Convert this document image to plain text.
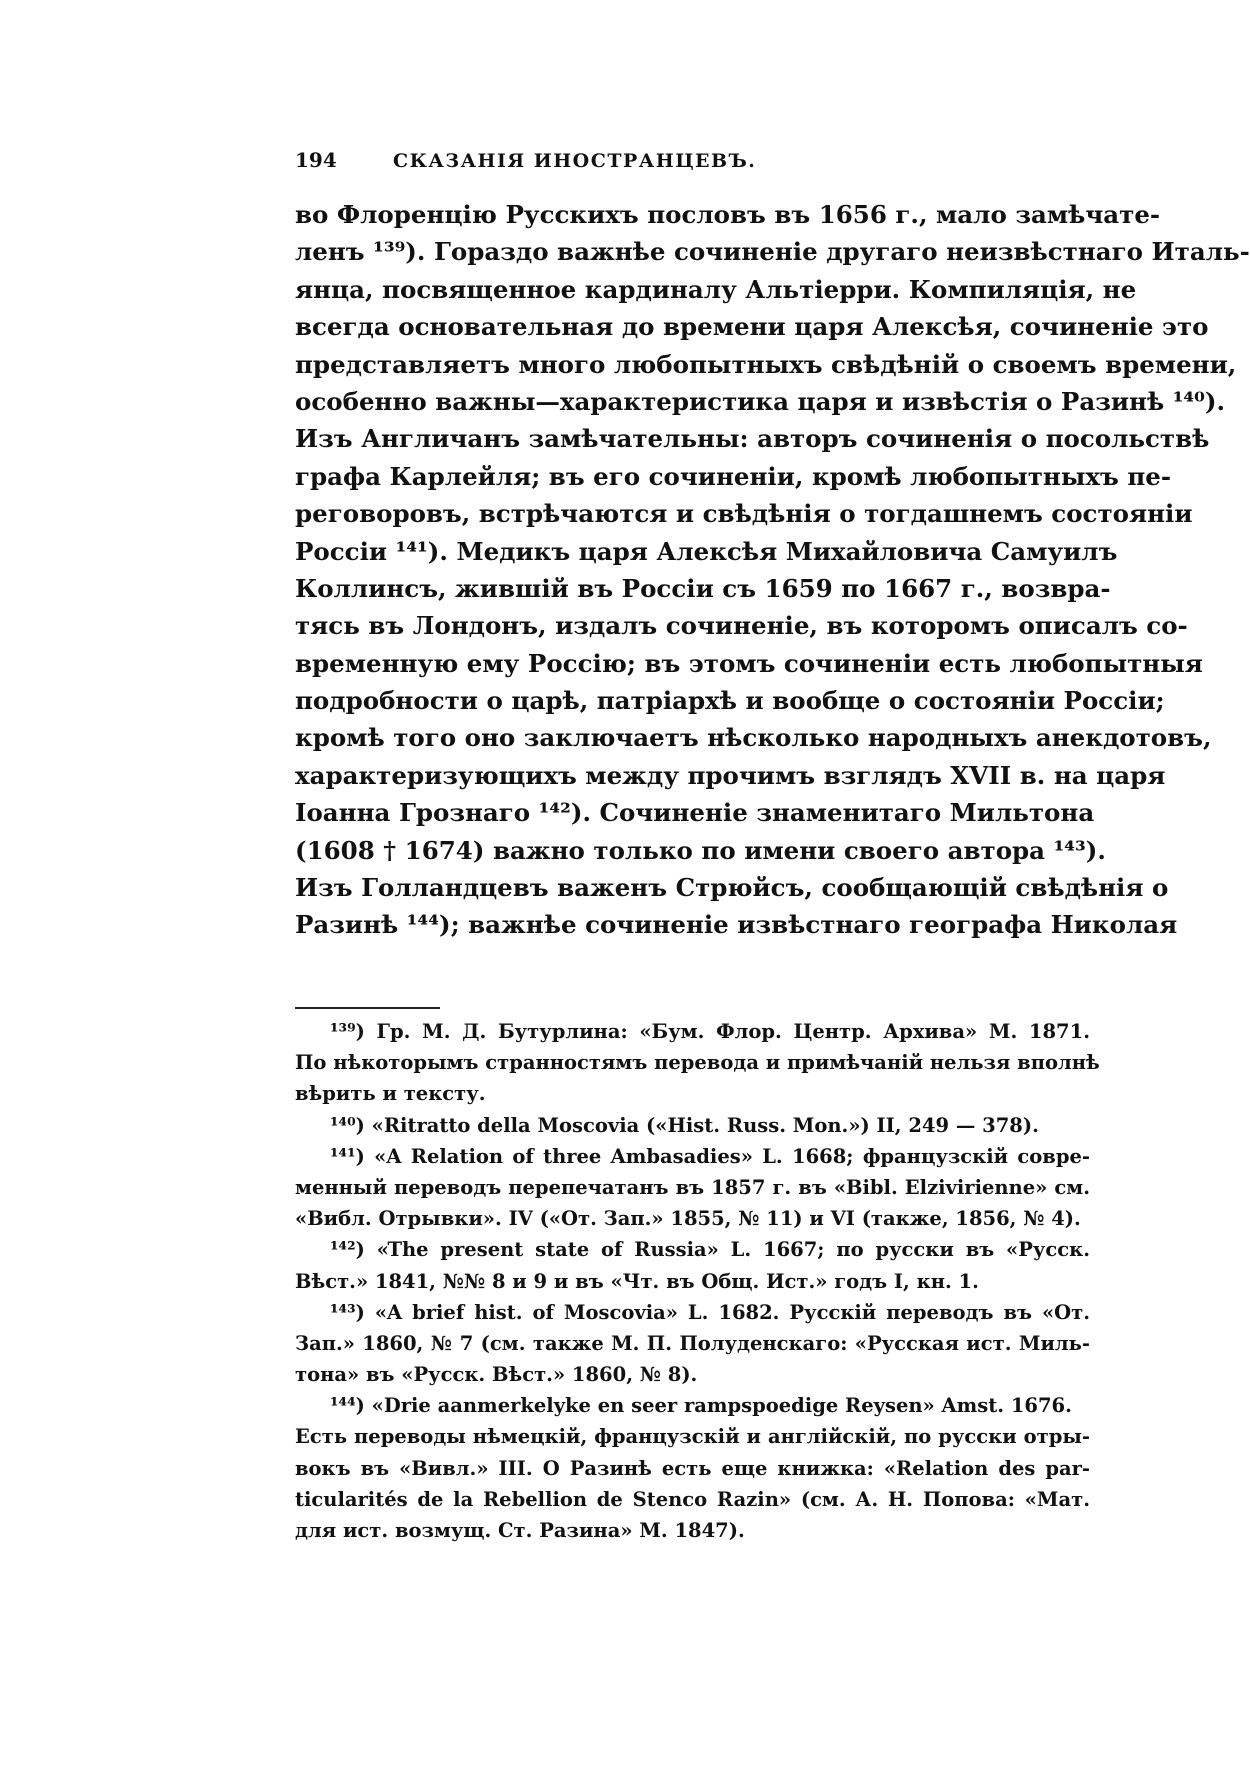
194	СКАЗАНІЯ ИНОСТРАНЦЕВЪ.
во Флоренцію Русскихъ пословъ въ 1656 г., мало замѣчате-
ленъ ¹³⁹). Гораздо важнѣе сочиненіе другаго неизвѣстнаго Италь-
янца, посвященное кардиналу Альтіерри. Компиляція, не
всегда основательная до времени царя Алексѣя, сочиненіе это
представляетъ много любопытныхъ свѣдѣній о своемъ времени,
особенно важны—характеристика царя и извѣстія о Разинѣ ¹⁴⁰).
Изъ Англичанъ замѣчательны: авторъ сочиненія о посольствѣ
графа Карлейля; въ его сочиненіи, кромѣ любопытныхъ пе-
реговоровъ, встрѣчаются и свѣдѣнія о тогдашнемъ состояніи
Россіи ¹⁴¹). Медикъ царя Алексѣя Михайловича Самуилъ
Коллинсъ, жившій въ Россіи съ 1659 по 1667 г., возвра-
тясь въ Лондонъ, издалъ сочиненіе, въ которомъ описалъ со-
временную ему Россію; въ этомъ сочиненіи есть любопытныя
подробности о царѣ, патріархѣ и вообще о состояніи Россіи;
кромѣ того оно заключаетъ нѣсколько народныхъ анекдотовъ,
характеризующихъ между прочимъ взглядъ XVII в. на царя
Іоанна Грознаго ¹⁴²). Сочиненіе знаменитаго Мильтона
(1608 † 1674) важно только по имени своего автора ¹⁴³).
Изъ Голландцевъ важенъ Стрюйсъ, сообщающій свѣдѣнія о
Разинѣ ¹⁴⁴); важнѣе сочиненіе извѣстнаго географа Николая
¹³⁹) Гр. М. Д. Бутурлина: «Бум. Флор. Центр. Архива» М. 1871.
По нѣкоторымъ странностямъ перевода и примѣчаній нельзя вполнѣ
вѣрить и тексту.
¹⁴⁰) «Ritratto della Moscovia («Hist. Russ. Mon.») II, 249 — 378).
¹⁴¹) «A Relation of three Ambasadies» L. 1668; французскій совре-
менный переводъ перепечатанъ въ 1857 г. въ «Bibl. Elzivirienne» см.
«Вибл. Отрывки». IV («От. Зап.» 1855, № 11) и VI (также, 1856, № 4).
¹⁴²) «The present state of Russia» L. 1667; по русски въ «Русск.
Вѣст.» 1841, №№ 8 и 9 и въ «Чт. въ Общ. Ист.» годъ I, кн. 1.
¹⁴³) «A brief hist. of Moscovia» L. 1682. Русскій переводъ въ «От.
Зап.» 1860, № 7 (см. также М. П. Полуденскаго: «Русская ист. Миль-
тона» въ «Русск. Вѣст.» 1860, № 8).
¹⁴⁴) «Drie aanmerkelyke en seer rampspoedige Reysen» Amst. 1676.
Есть переводы нѣмецкій, французскій и англійскій, по русски отры-
вокъ въ «Вивл.» III. О Разинѣ есть еще книжка: «Relation des par-
ticularités de la Rebellion de Stenco Razin» (см. А. Н. Попова: «Мат.
для ист. возмущ. Ст. Разина» М. 1847).
